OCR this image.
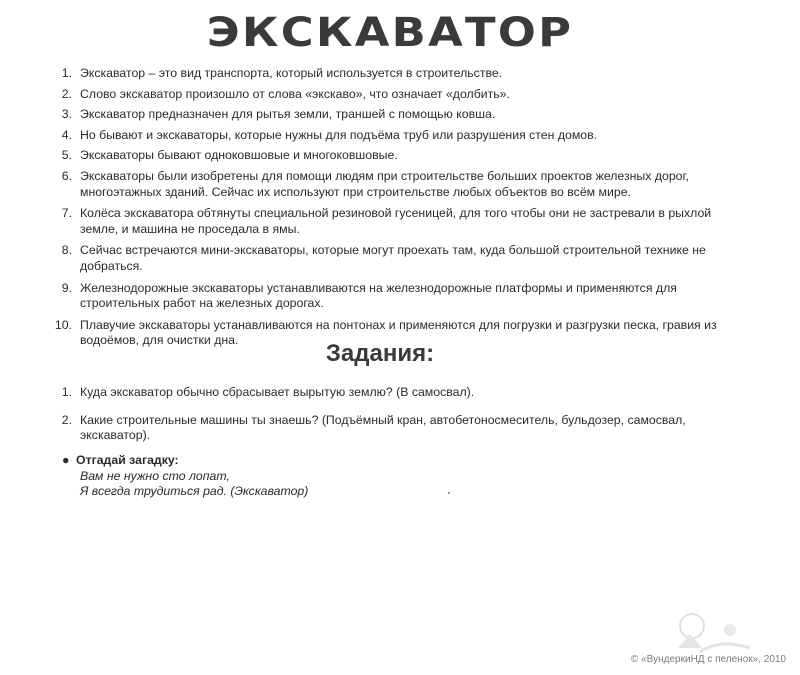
ЭКСКАВАТОР
1. Экскаватор – это вид транспорта, который используется в строительстве.
2. Слово экскаватор произошло от слова «экскаво», что означает «долбить».
3. Экскаватор предназначен для рытья земли, траншей с помощью ковша.
4. Но бывают и экскаваторы, которые нужны для подъёма труб или разрушения стен домов.
5. Экскаваторы бывают одноковшовые и многоковшовые.
6. Экскаваторы были изобретены для помощи людям при строительстве больших проектов железных дорог, многоэтажных зданий. Сейчас их используют при строительстве любых объектов во всём мире.
7. Колёса экскаватора обтянуты специальной резиновой гусеницей, для того чтобы они не застревали в рыхлой земле, и машина не проседала в ямы.
8. Сейчас встречаются мини-экскаваторы, которые могут проехать там, куда большой строительной технике не добраться.
9. Железнодорожные экскаваторы устанавливаются на железнодорожные платформы и применяются для строительных работ на железных дорогах.
10. Плавучие экскаваторы устанавливаются на понтонах и применяются для погрузки и разгрузки песка, гравия из водоёмов, для очистки дна.	Задания:
1. Куда экскаватор обычно сбрасывает вырытую землю? (В самосвал).
2. Какие строительные машины ты знаешь? (Подъёмный кран, автобетоносмеситель, бульдозер, самосвал, экскаватор).
● Отгадай загадку:
Вам не нужно сто лопат,
Я всегда трудиться рад. (Экскаватор)
© «ВундеркиНД с пеленок», 2010
